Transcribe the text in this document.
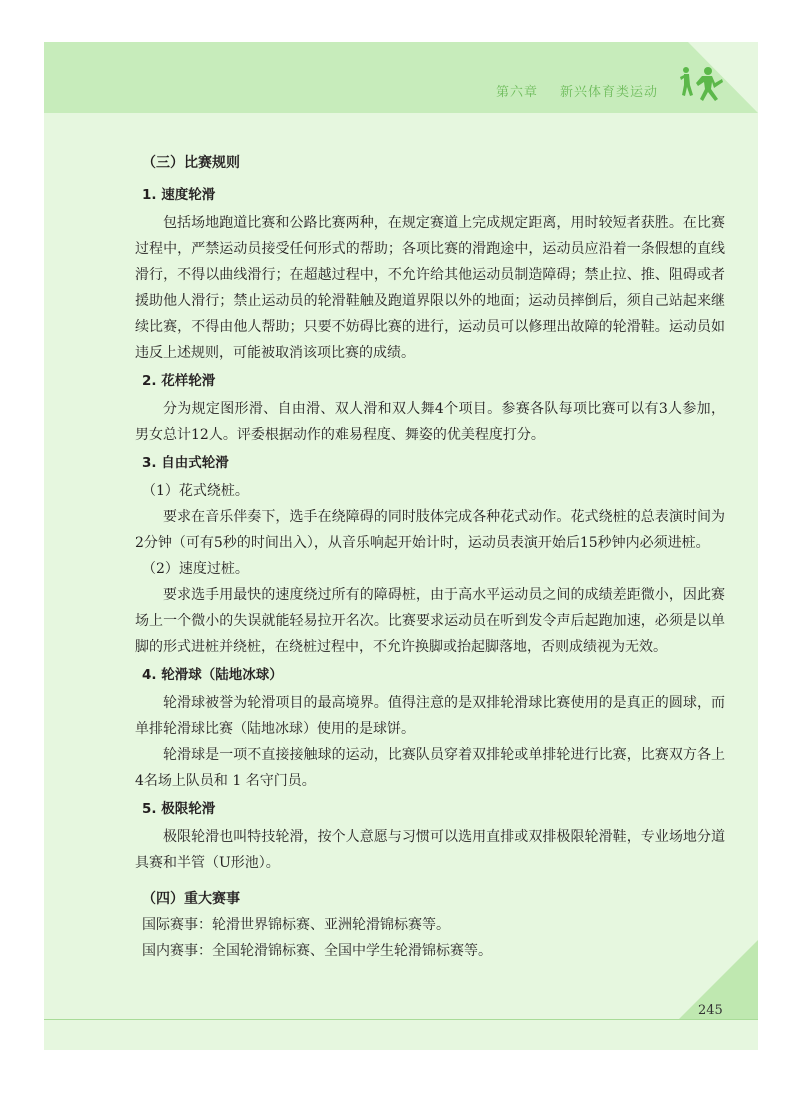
第六章 新兴体育类运动

（三）比赛规则

1. 速度轮滑

包括场地跑道比赛和公路比赛两种，在规定赛道上完成规定距离，用时较短者获胜。在比赛过程中，严禁运动员接受任何形式的帮助；各项比赛的滑跑途中，运动员应沿着一条假想的直线滑行，不得以曲线滑行；在超越过程中，不允许给其他运动员制造障碍；禁止拉、推、阻碍或者援助他人滑行；禁止运动员的轮滑鞋触及跑道界限以外的地面；运动员摔倒后，须自己站起来继续比赛，不得由他人帮助；只要不妨碍比赛的进行，运动员可以修理出故障的轮滑鞋。运动员如违反上述规则，可能被取消该项比赛的成绩。

2. 花样轮滑

分为规定图形滑、自由滑、双人滑和双人舞4个项目。参赛各队每项比赛可以有3人参加，男女总计12人。评委根据动作的难易程度、舞姿的优美程度打分。

3. 自由式轮滑

（1）花式绕桩。

要求在音乐伴奏下，选手在绕障碍的同时肢体完成各种花式动作。花式绕桩的总表演时间为2分钟（可有5秒的时间出入），从音乐响起开始计时，运动员表演开始后15秒钟内必须进桩。

（2）速度过桩。

要求选手用最快的速度绕过所有的障碍桩，由于高水平运动员之间的成绩差距微小，因此赛场上一个微小的失误就能轻易拉开名次。比赛要求运动员在听到发令声后起跑加速，必须是以单脚的形式进桩并绕桩，在绕桩过程中，不允许换脚或抬起脚落地，否则成绩视为无效。

4. 轮滑球（陆地冰球）

轮滑球被誉为轮滑项目的最高境界。值得注意的是双排轮滑球比赛使用的是真正的圆球，而单排轮滑球比赛（陆地冰球）使用的是球饼。

轮滑球是一项不直接接触球的运动，比赛队员穿着双排轮或单排轮进行比赛，比赛双方各上4名场上队员和 1 名守门员。

5. 极限轮滑

极限轮滑也叫特技轮滑，按个人意愿与习惯可以选用直排或双排极限轮滑鞋，专业场地分道具赛和半管（U形池）。

（四）重大赛事

国际赛事：轮滑世界锦标赛、亚洲轮滑锦标赛等。

国内赛事：全国轮滑锦标赛、全国中学生轮滑锦标赛等。

245
